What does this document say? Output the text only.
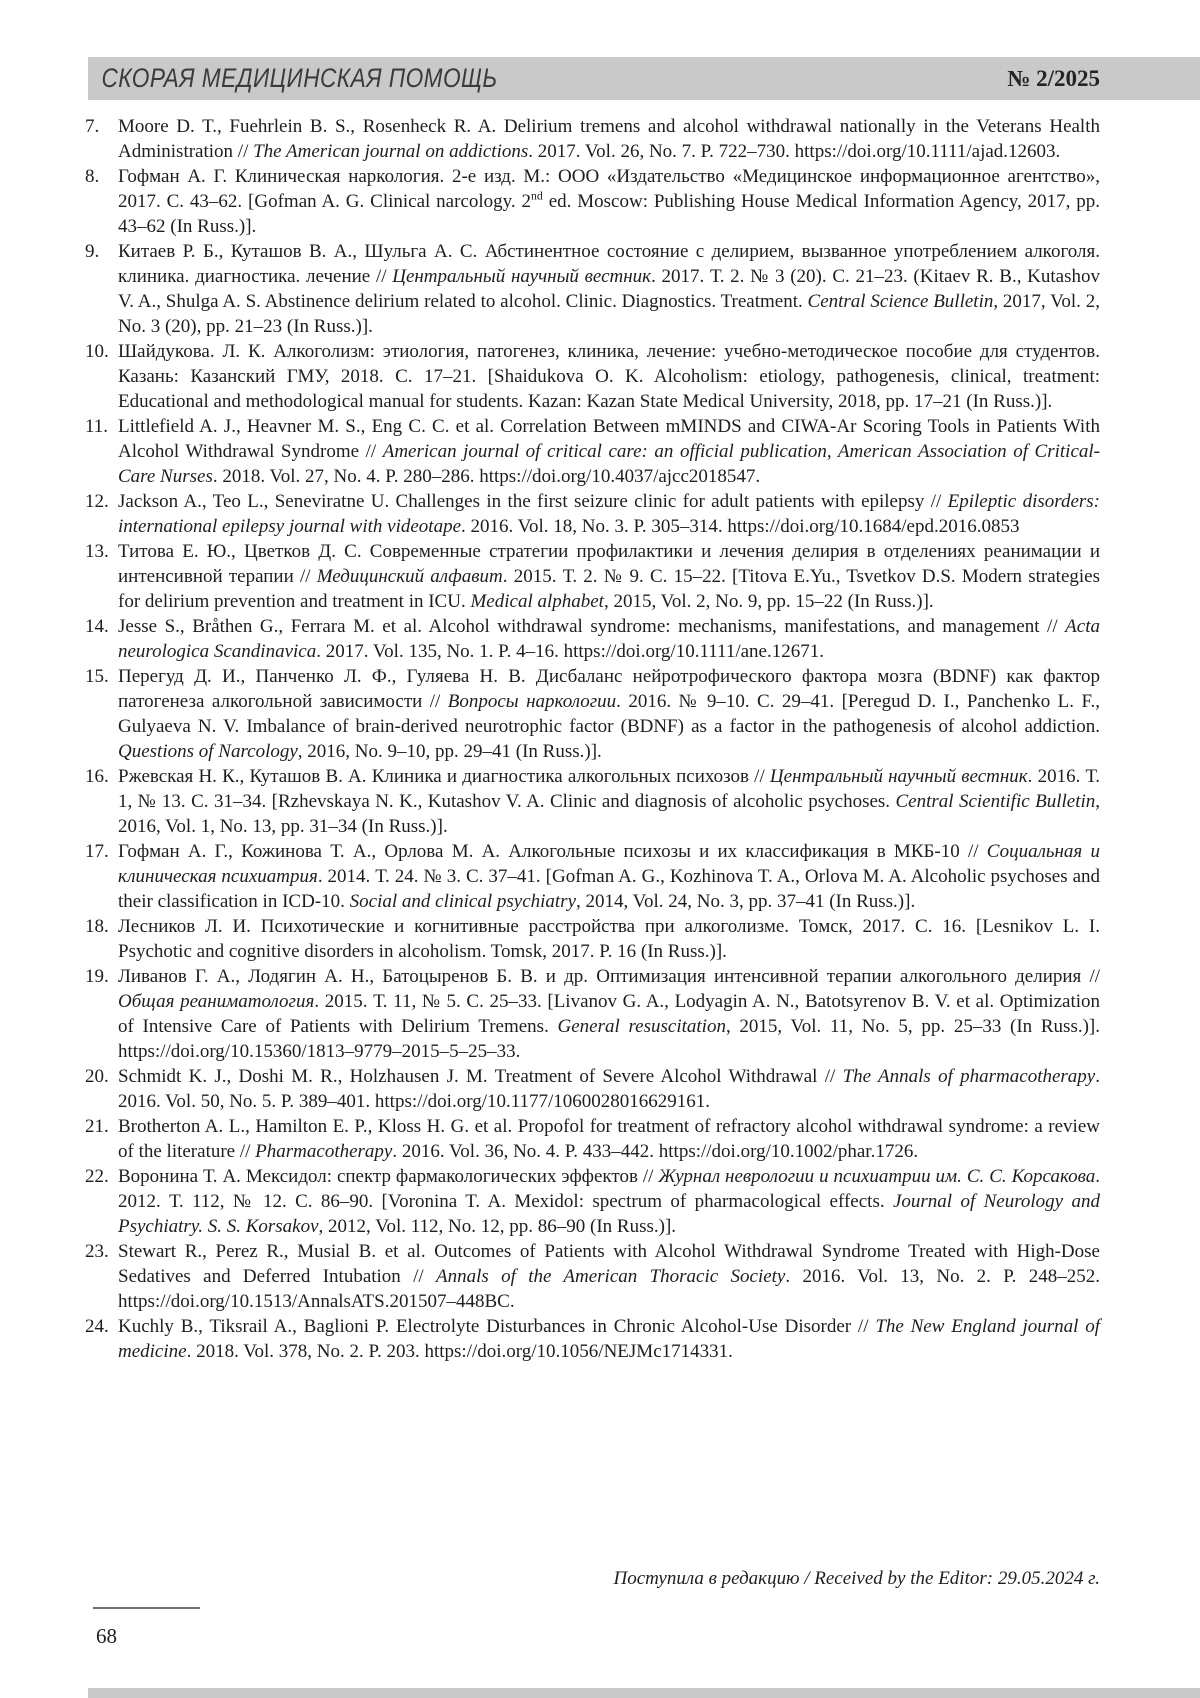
СКОРАЯ МЕДИЦИНСКАЯ ПОМОЩЬ	№ 2/2025
7. Moore D. T., Fuehrlein B. S., Rosenheck R. A. Delirium tremens and alcohol withdrawal nationally in the Veterans Health Administration // The American journal on addictions. 2017. Vol. 26, No. 7. P. 722–730. https://doi.org/10.1111/ajad.12603.
8. Гофман А. Г. Клиническая наркология. 2-е изд. М.: ООО «Издательство «Медицинское информационное агентство», 2017. С. 43–62. [Gofman A. G. Clinical narcology. 2nd ed. Moscow: Publishing House Medical Information Agency, 2017, pp. 43–62 (In Russ.)].
9. Китаев Р. Б., Куташов В. А., Шульга А. С. Абстинентное состояние с делирием, вызванное употреблением алкоголя. клиника. диагностика. лечение // Центральный научный вестник. 2017. Т. 2. № 3 (20). С. 21–23. (Kitaev R. B., Kutashov V. A., Shulga A. S. Abstinence delirium related to alcohol. Clinic. Diagnostics. Treatment. Central Science Bulletin, 2017, Vol. 2, No. 3 (20), pp. 21–23 (In Russ.)].
10. Шайдукова. Л. К. Алкоголизм: этиология, патогенез, клиника, лечение: учебно-методическое пособие для студентов. Казань: Казанский ГМУ, 2018. С. 17–21. [Shaidukova O. K. Alcoholism: etiology, pathogenesis, clinical, treatment: Educational and methodological manual for students. Kazan: Kazan State Medical University, 2018, pp. 17–21 (In Russ.)].
11. Littlefield A. J., Heavner M. S., Eng C. C. et al. Correlation Between mMINDS and CIWA-Ar Scoring Tools in Patients With Alcohol Withdrawal Syndrome // American journal of critical care: an official publication, American Association of Critical-Care Nurses. 2018. Vol. 27, No. 4. P. 280–286. https://doi.org/10.4037/ajcc2018547.
12. Jackson A., Teo L., Seneviratne U. Challenges in the first seizure clinic for adult patients with epilepsy // Epileptic disorders: international epilepsy journal with videotape. 2016. Vol. 18, No. 3. P. 305–314. https://doi.org/10.1684/epd.2016.0853
13. Титова Е. Ю., Цветков Д. С. Современные стратегии профилактики и лечения делирия в отделениях реанимации и интенсивной терапии // Медицинский алфавит. 2015. Т. 2. № 9. С. 15–22. [Titova E.Yu., Tsvetkov D.S. Modern strategies for delirium prevention and treatment in ICU. Medical alphabet, 2015, Vol. 2, No. 9, pp. 15–22 (In Russ.)].
14. Jesse S., Bråthen G., Ferrara M. et al. Alcohol withdrawal syndrome: mechanisms, manifestations, and management // Acta neurologica Scandinavica. 2017. Vol. 135, No. 1. P. 4–16. https://doi.org/10.1111/ane.12671.
15. Перегуд Д. И., Панченко Л. Ф., Гуляева Н. В. Дисбаланс нейротрофического фактора мозга (BDNF) как фактор патогенеза алкогольной зависимости // Вопросы наркологии. 2016. № 9–10. С. 29–41. [Peregud D. I., Panchenko L. F., Gulyaeva N. V. Imbalance of brain-derived neurotrophic factor (BDNF) as a factor in the pathogenesis of alcohol addiction. Questions of Narcology, 2016, No. 9–10, pp. 29–41 (In Russ.)].
16. Ржевская Н. К., Куташов В. А. Клиника и диагностика алкогольных психозов // Центральный научный вестник. 2016. Т. 1, № 13. С. 31–34. [Rzhevskaya N. K., Kutashov V. A. Clinic and diagnosis of alcoholic psychoses. Central Scientific Bulletin, 2016, Vol. 1, No. 13, pp. 31–34 (In Russ.)].
17. Гофман А. Г., Кожинова Т. А., Орлова М. А. Алкогольные психозы и их классификация в МКБ-10 // Социальная и клиническая психиатрия. 2014. Т. 24. № 3. С. 37–41. [Gofman A. G., Kozhinova T. A., Orlova M. A. Alcoholic psychoses and their classification in ICD-10. Social and clinical psychiatry, 2014, Vol. 24, No. 3, pp. 37–41 (In Russ.)].
18. Лесников Л. И. Психотические и когнитивные расстройства при алкоголизме. Томск, 2017. С. 16. [Lesnikov L. I. Psychotic and cognitive disorders in alcoholism. Tomsk, 2017. P. 16 (In Russ.)].
19. Ливанов Г. А., Лодягин А. Н., Батоцыренов Б. В. и др. Оптимизация интенсивной терапии алкогольного делирия // Общая реаниматология. 2015. Т. 11, № 5. С. 25–33. [Livanov G. A., Lodyagin A. N., Batotsyrenov B. V. et al. Optimization of Intensive Care of Patients with Delirium Tremens. General resuscitation, 2015, Vol. 11, No. 5, pp. 25–33 (In Russ.)]. https://doi.org/10.15360/1813–9779–2015–5–25–33.
20. Schmidt K. J., Doshi M. R., Holzhausen J. M. Treatment of Severe Alcohol Withdrawal // The Annals of pharmacotherapy. 2016. Vol. 50, No. 5. P. 389–401. https://doi.org/10.1177/1060028016629161.
21. Brotherton A. L., Hamilton E. P., Kloss H. G. et al. Propofol for treatment of refractory alcohol withdrawal syndrome: a review of the literature // Pharmacotherapy. 2016. Vol. 36, No. 4. P. 433–442. https://doi.org/10.1002/phar.1726.
22. Воронина Т. А. Мексидол: спектр фармакологических эффектов // Журнал неврологии и психиатрии им. С. С. Корсакова. 2012. Т. 112, № 12. С. 86–90. [Voronina T. A. Mexidol: spectrum of pharmacological effects. Journal of Neurology and Psychiatry. S. S. Korsakov, 2012, Vol. 112, No. 12, pp. 86–90 (In Russ.)].
23. Stewart R., Perez R., Musial B. et al. Outcomes of Patients with Alcohol Withdrawal Syndrome Treated with High-Dose Sedatives and Deferred Intubation // Annals of the American Thoracic Society. 2016. Vol. 13, No. 2. P. 248–252. https://doi.org/10.1513/AnnalsATS.201507–448BC.
24. Kuchly B., Tiksrail A., Baglioni P. Electrolyte Disturbances in Chronic Alcohol-Use Disorder // The New England journal of medicine. 2018. Vol. 378, No. 2. P. 203. https://doi.org/10.1056/NEJMc1714331.
Поступила в редакцию / Received by the Editor: 29.05.2024 г.
68
